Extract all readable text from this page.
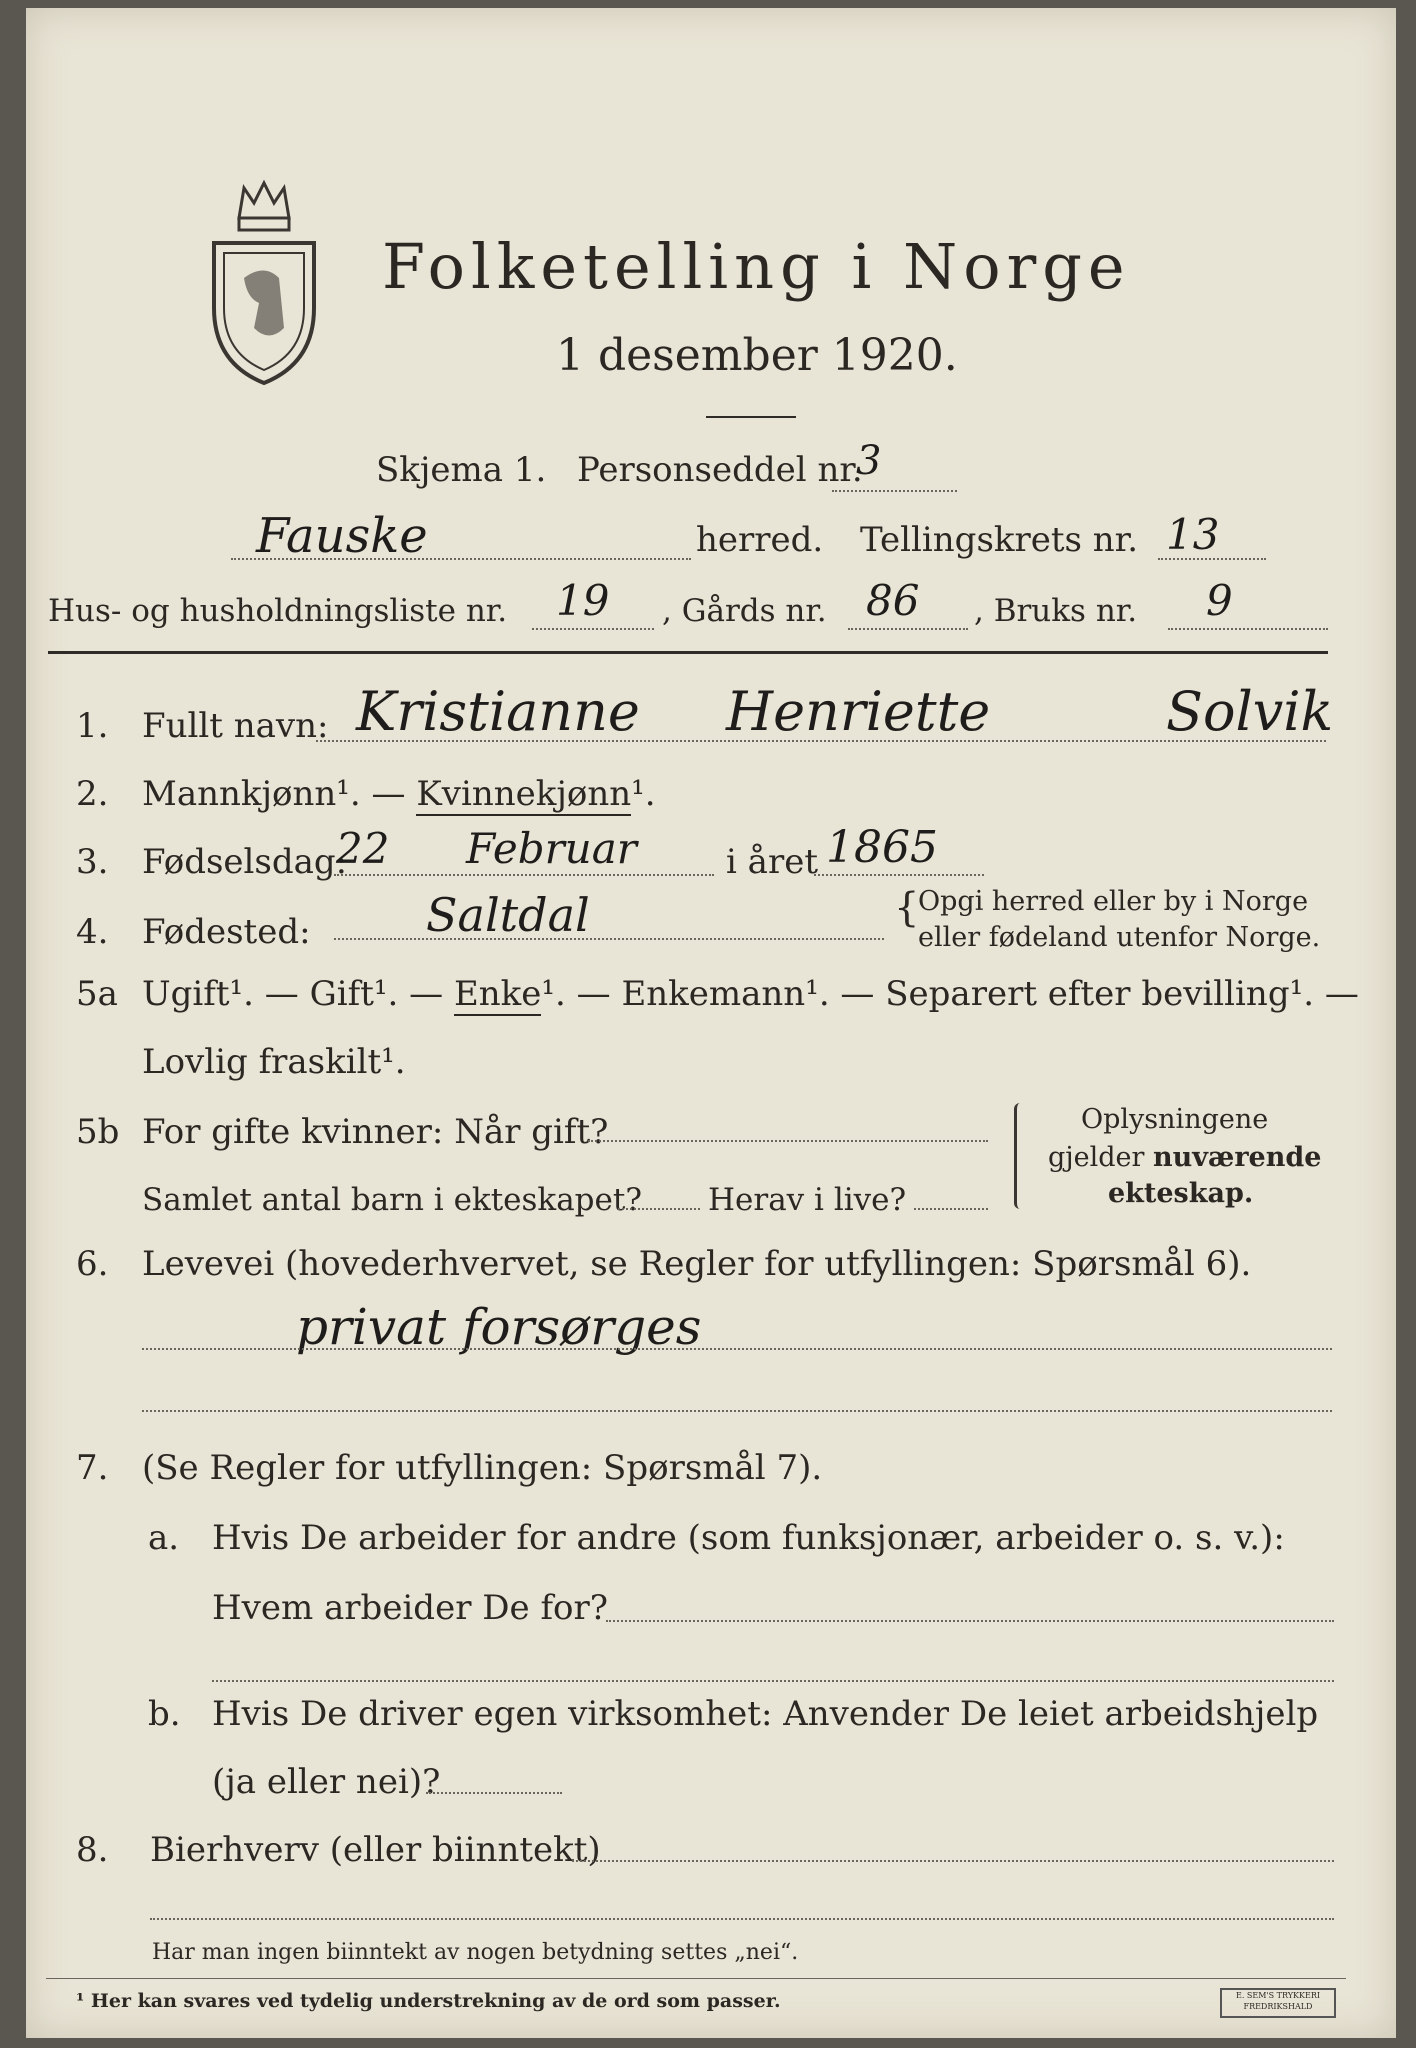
Folketelling i Norge
1 desember 1920.
Skjema 1. Personseddel nr.
3
Fauske	herred. Tellingskrets nr. 13
Hus- og husholdningsliste nr. 19 , Gårds nr. 86 , Bruks nr. 9
1. Fullt navn: Kristianne Henriette	Solvik
2. Mannkjønn¹. — Kvinnekjønn¹.
3. Fødselsdag:
22 Februar	i året 1865
4. Fødested:	Saltdal	{
Opgi herred eller by i Norge
eller fødeland utenfor Norge.
5a Ugift¹. — Gift¹. — Enke¹. — Enkemann¹. — Separert efter bevilling¹. —
Lovlig fraskilt¹.
5b For gifte kvinner: Når gift?
Samlet antal barn i ekteskapet? Herav i live?
Oplysningene
gjelder nuværende
ekteskap.
6. Levevei (hovederhvervet, se Regler for utfyllingen: Spørsmål 6).
privat forsørges
7. (Se Regler for utfyllingen: Spørsmål 7).
a. Hvis De arbeider for andre (som funksjonær, arbeider o. s. v.):
Hvem arbeider De for?
b. Hvis De driver egen virksomhet: Anvender De leiet arbeidshjelp
(ja eller nei)?
8. Bierhverv (eller biinntekt)
Har man ingen biinntekt av nogen betydning settes „nei“.
¹ Her kan svares ved tydelig understrekning av de ord som passer.	E. SEM'S TRYKKERI FREDRIKSHALD
